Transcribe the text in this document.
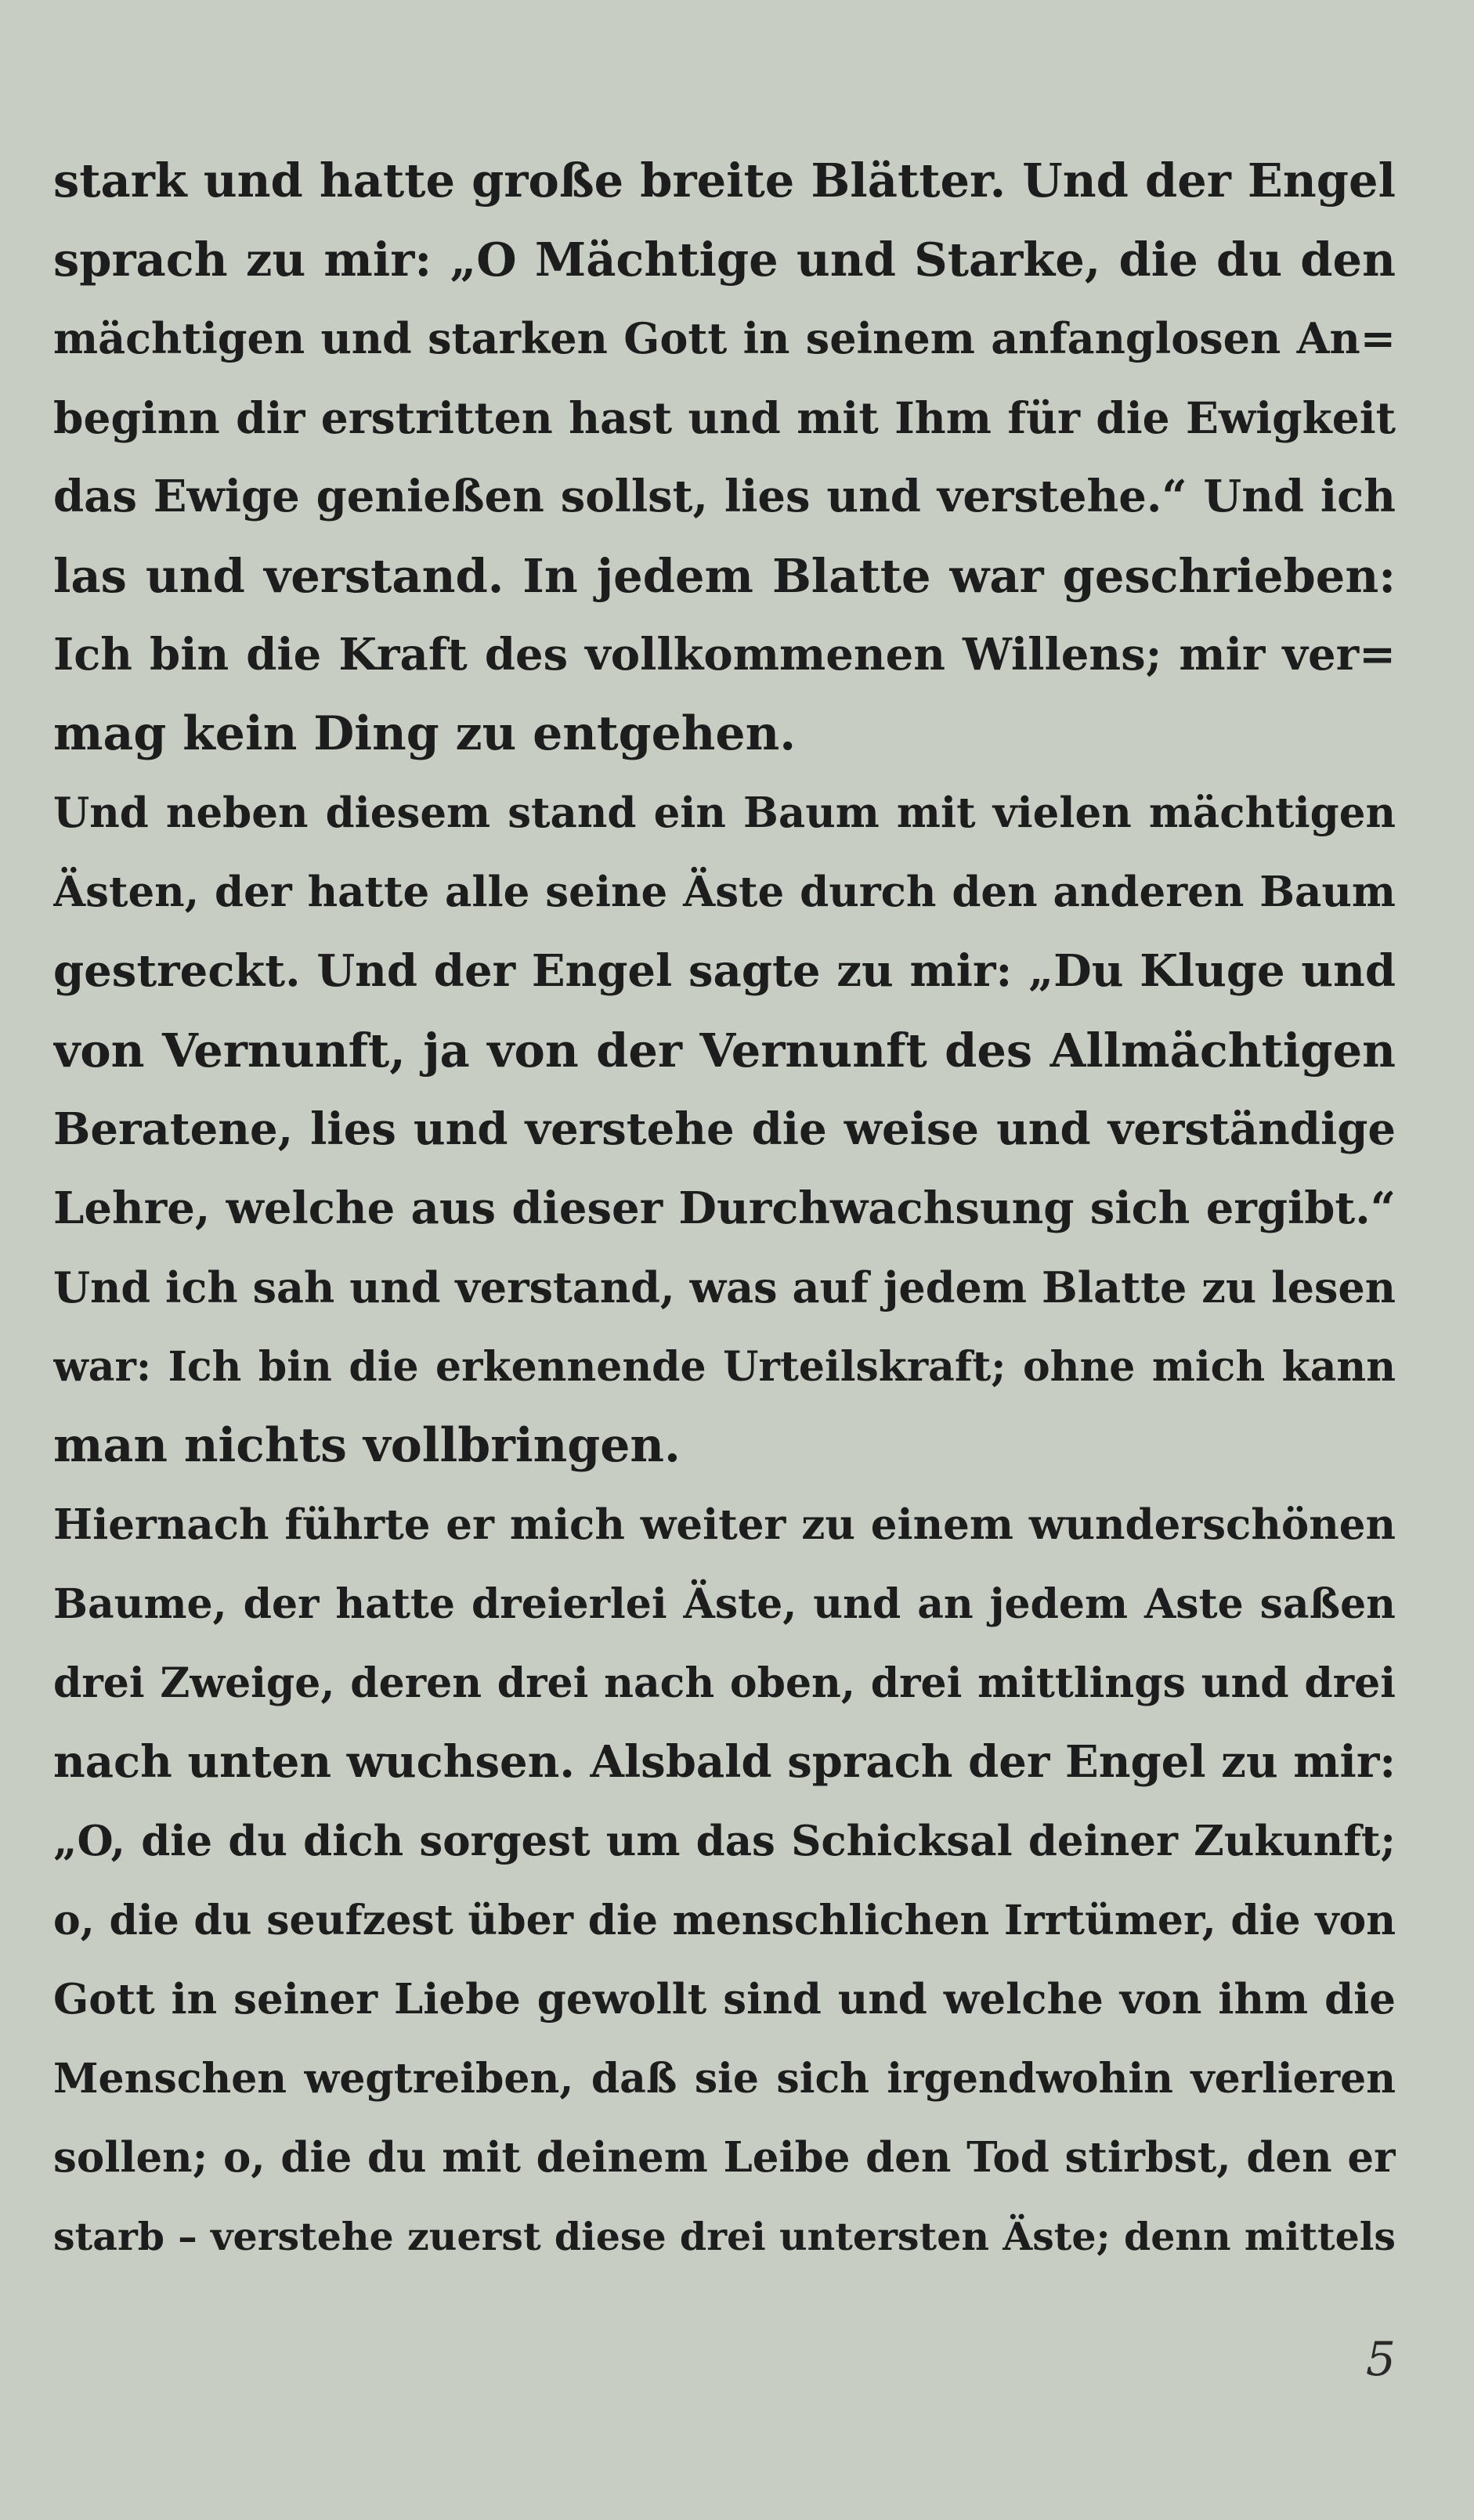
stark und hatte große breite Blätter. Und der Engel
sprach zu mir: „O Mächtige und Starke, die du den
mächtigen und starken Gott in seinem anfanglosen An=
beginn dir erstritten hast und mit Ihm für die Ewigkeit
das Ewige genießen sollst, lies und verstehe.“ Und ich
las und verstand. In jedem Blatte war geschrieben:
Ich bin die Kraft des vollkommenen Willens; mir ver=
mag kein Ding zu entgehen.
Und neben diesem stand ein Baum mit vielen mächtigen
Ästen, der hatte alle seine Äste durch den anderen Baum
gestreckt. Und der Engel sagte zu mir: „Du Kluge und
von Vernunft, ja von der Vernunft des Allmächtigen
Beratene, lies und verstehe die weise und verständige
Lehre, welche aus dieser Durchwachsung sich ergibt.“
Und ich sah und verstand, was auf jedem Blatte zu lesen
war: Ich bin die erkennende Urteilskraft; ohne mich kann
man nichts vollbringen.
Hiernach führte er mich weiter zu einem wunderschönen
Baume, der hatte dreierlei Äste, und an jedem Aste saßen
drei Zweige, deren drei nach oben, drei mittlings und drei
nach unten wuchsen. Alsbald sprach der Engel zu mir:
„O, die du dich sorgest um das Schicksal deiner Zukunft;
o, die du seufzest über die menschlichen Irrtümer, die von
Gott in seiner Liebe gewollt sind und welche von ihm die
Menschen wegtreiben, daß sie sich irgendwohin verlieren
sollen; o, die du mit deinem Leibe den Tod stirbst, den er
starb – verstehe zuerst diese drei untersten Äste; denn mittels
5
